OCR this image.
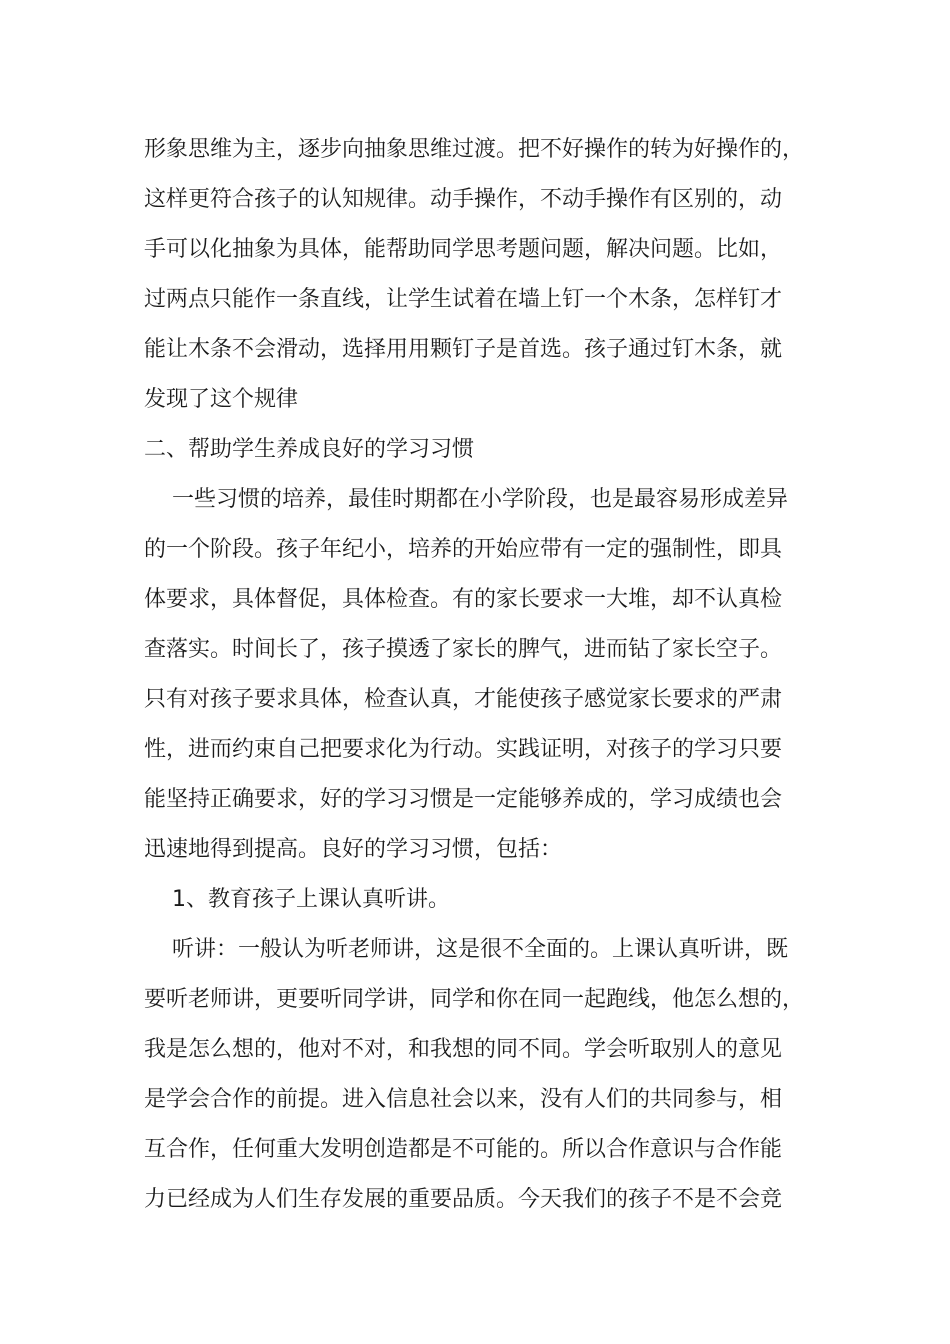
形象思维为主，逐步向抽象思维过渡。把不好操作的转为好操作的，
这样更符合孩子的认知规律。动手操作，不动手操作有区别的，动
手可以化抽象为具体，能帮助同学思考题问题，解决问题。比如，
过两点只能作一条直线，让学生试着在墙上钉一个木条，怎样钉才
能让木条不会滑动，选择用用颗钉子是首选。孩子通过钉木条，就
发现了这个规律
二、帮助学生养成良好的学习习惯
一些习惯的培养，最佳时期都在小学阶段，也是最容易形成差异
的一个阶段。孩子年纪小，培养的开始应带有一定的强制性，即具
体要求，具体督促，具体检查。有的家长要求一大堆，却不认真检
查落实。时间长了，孩子摸透了家长的脾气，进而钻了家长空子。
只有对孩子要求具体，检查认真，才能使孩子感觉家长要求的严肃
性，进而约束自己把要求化为行动。实践证明，对孩子的学习只要
能坚持正确要求，好的学习习惯是一定能够养成的，学习成绩也会
迅速地得到提高。良好的学习习惯，包括：
1、教育孩子上课认真听讲。
听讲：一般认为听老师讲，这是很不全面的。上课认真听讲，既
要听老师讲，更要听同学讲，同学和你在同一起跑线，他怎么想的，
我是怎么想的，他对不对，和我想的同不同。学会听取别人的意见
是学会合作的前提。进入信息社会以来，没有人们的共同参与，相
互合作，任何重大发明创造都是不可能的。所以合作意识与合作能
力已经成为人们生存发展的重要品质。今天我们的孩子不是不会竞
